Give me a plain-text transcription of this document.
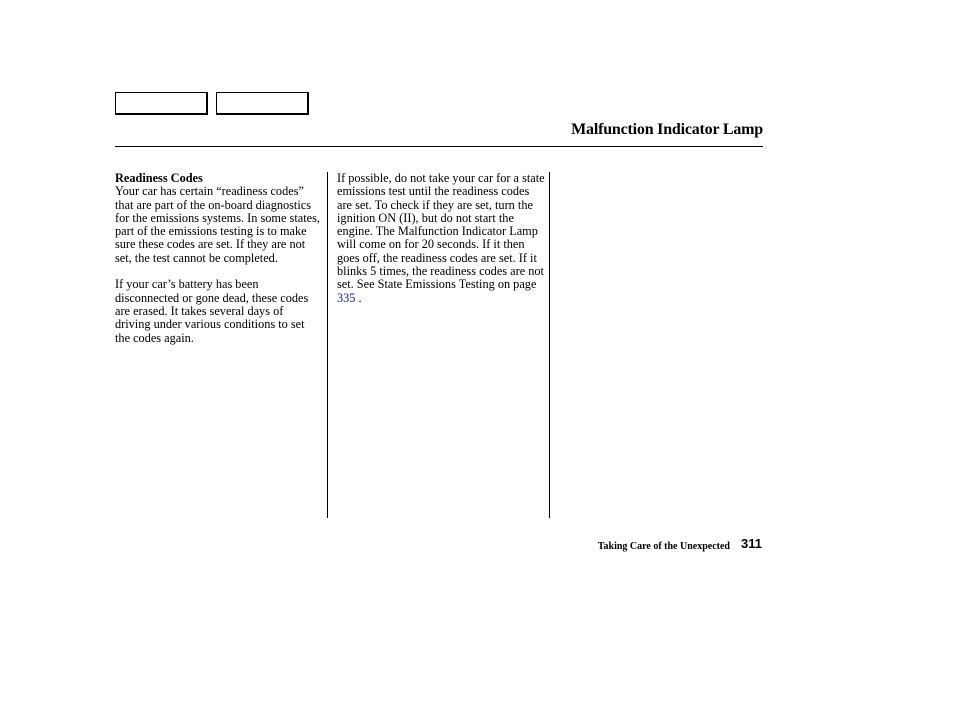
Malfunction Indicator Lamp
Readiness Codes

Your car has certain “readiness codes” that are part of the on-board diagnostics for the emissions systems. In some states, part of the emissions testing is to make sure these codes are set. If they are not set, the test cannot be completed.

If your car’s battery has been disconnected or gone dead, these codes are erased. It takes several days of driving under various conditions to set the codes again.

If possible, do not take your car for a state emissions test until the readiness codes are set. To check if they are set, turn the ignition ON (II), but do not start the engine. The Malfunction Indicator Lamp will come on for 20 seconds. If it then goes off, the readiness codes are set. If it blinks 5 times, the readiness codes are not set. See State Emissions Testing on page 335 .

Taking Care of the Unexpected 311
